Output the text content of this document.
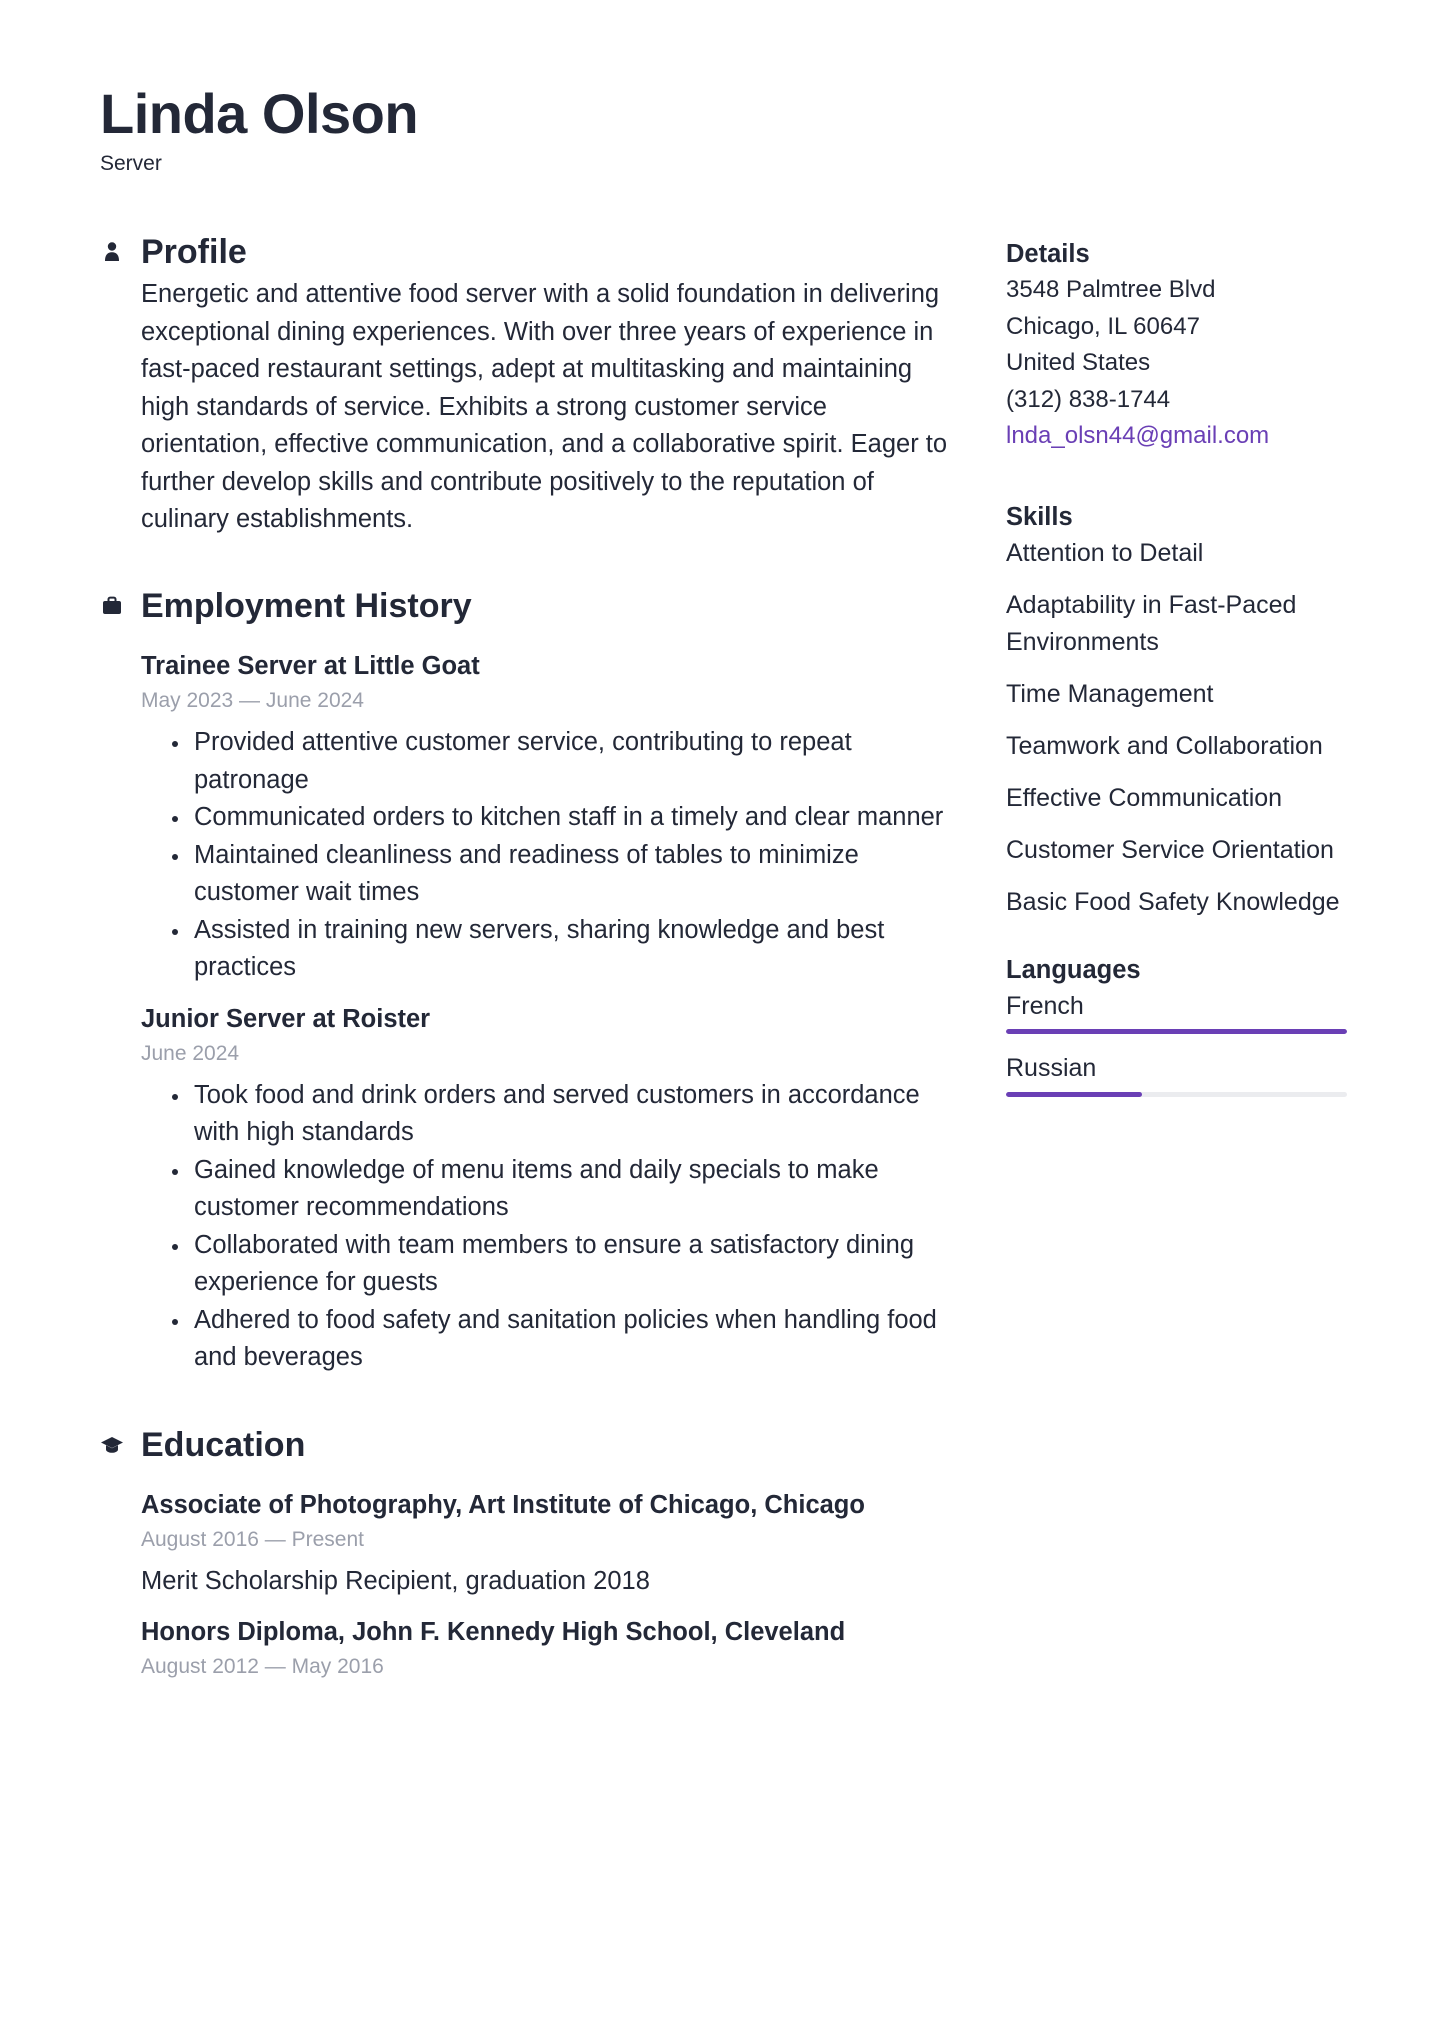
Linda Olson
Server
Profile

Energetic and attentive food server with a solid foundation in delivering exceptional dining experiences. With over three years of experience in fast-paced restaurant settings, adept at multitasking and maintaining high standards of service. Exhibits a strong customer service orientation, effective communication, and a collaborative spirit. Eager to further develop skills and contribute positively to the reputation of culinary establishments.

Employment History
Trainee Server at Little Goat
May 2023 — June 2024
Provided attentive customer service, contributing to repeat patronage
Communicated orders to kitchen staff in a timely and clear manner
Maintained cleanliness and readiness of tables to minimize customer wait times
Assisted in training new servers, sharing knowledge and best practices
Junior Server at Roister
June 2024
Took food and drink orders and served customers in accordance with high standards
Gained knowledge of menu items and daily specials to make customer recommendations
Collaborated with team members to ensure a satisfactory dining experience for guests
Adhered to food safety and sanitation policies when handling food and beverages
Education
Associate of Photography, Art Institute of Chicago, Chicago
August 2016 — Present
Merit Scholarship Recipient, graduation 2018
Honors Diploma, John F. Kennedy High School, Cleveland
August 2012 — May 2016
Details
3548 Palmtree Blvd
Chicago, IL 60647
United States
(312) 838-1744
lnda_olsn44@gmail.com
Skills
Attention to Detail
Adaptability in Fast-Paced Environments
Time Management
Teamwork and Collaboration
Effective Communication
Customer Service Orientation
Basic Food Safety Knowledge
Languages
French
Russian
